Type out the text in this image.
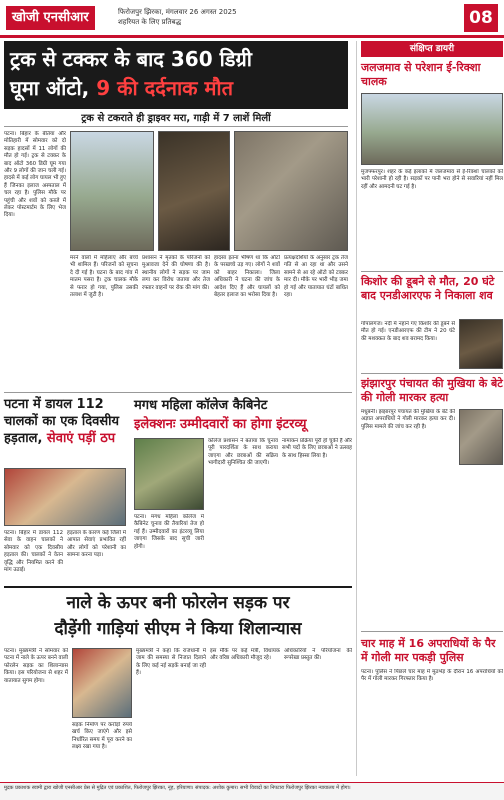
खोजी एनसीआर	फिरोजपुर झिरका, मंगलवार 26 अगस्त 2025
शहरियत के लिए प्रतिबद्ध	08
ट्रक से टक्कर के बाद 360 डिग्री
घूमा ऑटो, 9 की दर्दनाक मौत
ट्रक से टकराते ही ड्राइवर मरा, गाड़ी में 7 लाशें मिलीं
पटना। बिहार के बेतिया और मोतिहारी में सोमवार को दो सड़क हादसों में 11 लोगों की मौत हो गई। ट्रक से टक्कर के बाद ऑटो 360 डिग्री घूम गया और 9 लोगों की जान चली गई। हादसे में कई लोग घायल भी हुए हैं जिनका इलाज अस्पताल में चल रहा है। पुलिस मौके पर पहुंची और शवों को कब्जे में लेकर पोस्टमार्टम के लिए भेज दिया।
मरने वालों में महिलाएं और बच्चे भी शामिल हैं। परिजनों को सूचना दे दी गई है। घटना के बाद गांव में मातम पसरा है। ट्रक चालक मौके से फरार हो गया, पुलिस उसकी तलाश में जुटी है।
प्रशासन ने मृतकों के परिजनों को मुआवजा देने की घोषणा की है। स्थानीय लोगों ने सड़क पर जाम लगा कर विरोध जताया और तेज रफ्तार वाहनों पर रोक की मांग की।
हादसा इतना भीषण था कि ऑटो के परखच्चे उड़ गए। लोगों ने शवों को बाहर निकाला। जिला अधिकारी ने घटना की जांच के आदेश दिए हैं और घायलों को बेहतर इलाज का भरोसा दिया है।
प्रत्यक्षदर्शियों के अनुसार ट्रक तेज गति से आ रहा था और उसने सामने से आ रहे ऑटो को टक्कर मार दी। मौके पर भारी भीड़ जमा हो गई और यातायात घंटों बाधित रहा।
पटना में डायल 112 चालकों का एक दिवसीय हड़ताल, सेवाएं पड़ीं ठप
पटना। बिहार में डायल 112 सेवा के वाहन चालकों ने सोमवार को एक दिवसीय हड़ताल की। चालकों ने वेतन वृद्धि और नियमित करने की मांग उठाई।
हड़ताल के कारण कई जिलों में आपात सेवाएं प्रभावित रहीं और लोगों को परेशानी का सामना करना पड़ा।
मगध महिला कॉलेज कैबिनेट
इलेक्शनः उम्मीदवारों का होगा इंटरव्यू
पटना। मगध महिला कॉलेज में कैबिनेट चुनाव की तैयारियां तेज हो गई हैं। उम्मीदवारों का इंटरव्यू लिया जाएगा जिसके बाद सूची जारी होगी।
कॉलेज प्रशासन ने बताया कि चुनाव पूरी पारदर्शिता के साथ कराया जाएगा और छात्राओं की सक्रिय भागीदारी सुनिश्चित की जाएगी।
नामांकन प्रक्रिया पूरी हो चुकी है और सभी पदों के लिए छात्राओं ने उत्साह के साथ हिस्सा लिया है।
नाले के ऊपर बनी फोरलेन सड़क पर
दौड़ेंगी गाड़ियां सीएम ने किया शिलान्यास
पटना। मुख्यमंत्री ने सोमवार को पटना में नाले के ऊपर बनने वाली फोरलेन सड़क का शिलान्यास किया। इस परियोजना से शहर में यातायात सुगम होगा।
सड़क निर्माण पर करोड़ों रुपये खर्च किए जाएंगे और इसे निर्धारित समय में पूरा करने का लक्ष्य रखा गया है।
मुख्यमंत्री ने कहा कि राजधानी में जाम की समस्या से निजात दिलाने के लिए कई नई सड़कें बनाई जा रही हैं।
इस मौके पर कई मंत्री, विधायक और वरिष्ठ अधिकारी मौजूद रहे।
अधिकारियों ने परियोजना की रूपरेखा प्रस्तुत की।
संक्षिप्त डायरी
जलजमाव से परेशान ई-रिक्शा चालक
मुजफ्फरपुर। शहर के कई इलाकों में जलजमाव से ई-रिक्शा चालकों को भारी परेशानी हो रही है। सड़कों पर पानी भरा होने से सवारियां नहीं मिल रहीं और आमदनी घट गई है।
किशोर की डूबने से मौत, 20 घंटे बाद एनडीआरएफ ने निकाला शव
गोपालगंज। नदी में नहाने गए किशोर की डूबने से मौत हो गई। एनडीआरएफ की टीम ने 20 घंटे की मशक्कत के बाद शव बरामद किया।
झंझारपुर पंचायत की मुखिया के बेटे की गोली मारकर हत्या
मधुबनी। झंझारपुर पंचायत की मुखिया के बेटे की अज्ञात अपराधियों ने गोली मारकर हत्या कर दी। पुलिस मामले की जांच कर रही है।
चार माह में 16 अपराधियों के पैर में गोली मार पकड़ी पुलिस
पटना। पुलिस ने पिछले चार माह में मुठभेड़ के दौरान 16 अपराधियों को पैर में गोली मारकर गिरफ्तार किया है।
मुद्रक प्रकाशक स्वामी द्वारा खोजी एनसीआर प्रेस से मुद्रित एवं प्रकाशित, फिरोजपुर झिरका, नूंह, हरियाणा। संपादक: अशोक कुमार। सभी विवादों का निपटारा फिरोजपुर झिरका न्यायालय में होगा।
